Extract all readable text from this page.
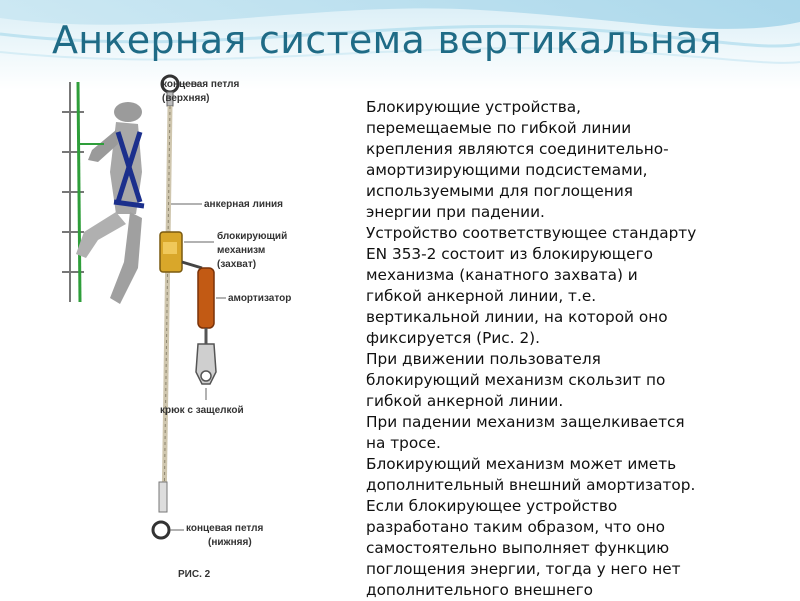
Анкерная система вертикальная

концевая петля

(верхняя)

анкерная линия

блокирующий

механизм

(захват)

амортизатор

крюк с защелкой

концевая петля

(нижняя)

РИС. 2

Блокирующие устройства,

перемещаемые по гибкой линии

крепления являются соединительно-

амортизирующими подсистемами,

используемыми для поглощения

энергии при падении.

Устройство соответствующее стандарту

EN 353-2 состоит из блокирующего

механизма (канатного захвата) и

гибкой анкерной линии, т.е.

вертикальной линии, на которой оно

фиксируется (Рис. 2).

При движении пользователя

блокирующий механизм скользит по

гибкой анкерной линии.

При падении механизм защелкивается

на тросе.

Блокирующий механизм может иметь

дополнительный внешний амортизатор.

Если блокирующее устройство

разработано таким образом, что оно

самостоятельно выполняет функцию

поглощения энергии, тогда у него нет

дополнительного внешнего
